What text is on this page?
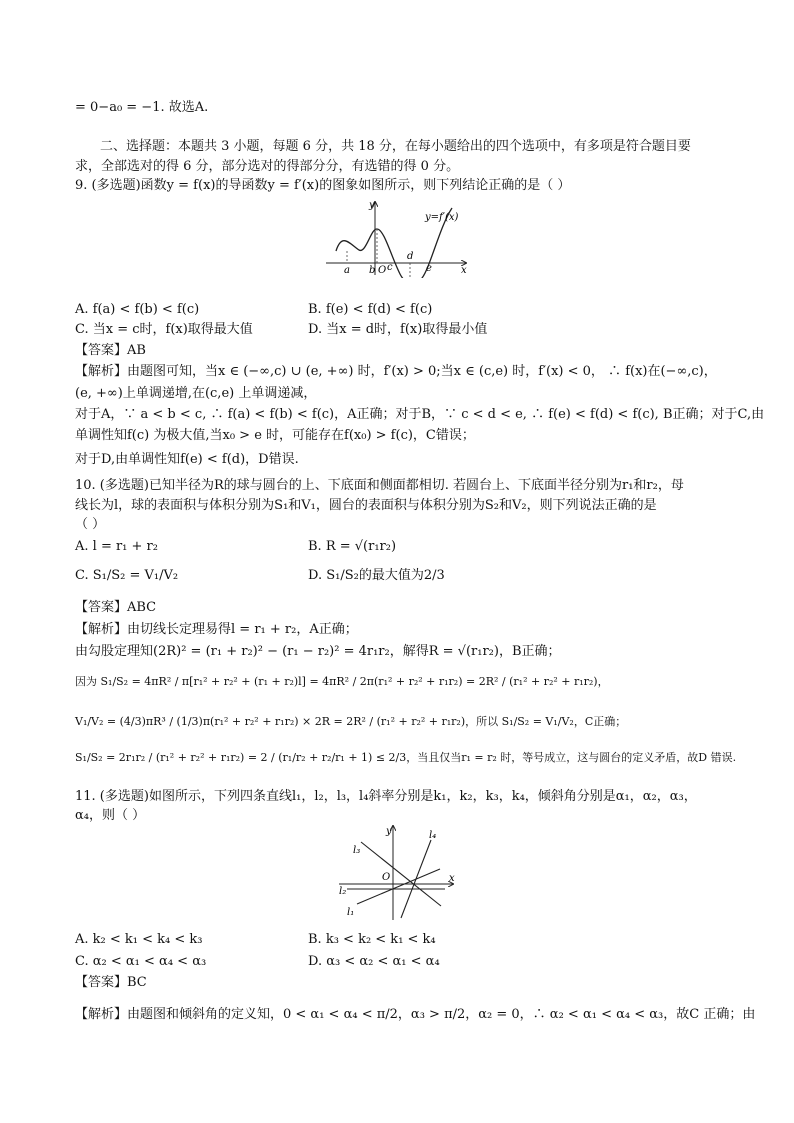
= 0−a₀ = −1. 故选A.
二、选择题：本题共 3 小题，每题 6 分，共 18 分，在每小题给出的四个选项中，有多项是符合题目要
求，全部选对的得 6 分，部分选对的得部分分，有选错的得 0 分。
9. (多选题)函数y = f(x)的导函数y = f′(x)的图象如图所示，则下列结论正确的是（ ）
y=f′(x)
y
x
a b O c
d
e
A. f(a) < f(b) < f(c)	B. f(e) < f(d) < f(c)
C. 当x = c时，f(x)取得最大值	D. 当x = d时，f(x)取得最小值
【答案】AB
【解析】由题图可知，当x ∈ (−∞,c) ∪ (e, +∞) 时，f′(x) > 0;当x ∈ (c,e) 时，f′(x) < 0， ∴ f(x)在(−∞,c)，
(e, +∞)上单调递增,在(c,e) 上单调递减，
对于A，∵ a < b < c, ∴ f(a) < f(b) < f(c)，A正确；对于B，∵ c < d < e, ∴ f(e) < f(d) < f(c), B正确；对于C,由
单调性知f(c) 为极大值,当x₀ > e 时，可能存在f(x₀) > f(c)，C错误；
对于D,由单调性知f(e) < f(d)，D错误.
10. (多选题)已知半径为R的球与圆台的上、下底面和侧面都相切. 若圆台上、下底面半径分别为r₁和r₂，母
线长为l，球的表面积与体积分别为S₁和V₁，圆台的表面积与体积分别为S₂和V₂，则下列说法正确的是
（ ）
A. l = r₁ + r₂	B. R = √(r₁r₂)
C. S₁/S₂ = V₁/V₂	D. S₁/S₂的最大值为2/3
【答案】ABC
【解析】由切线长定理易得l = r₁ + r₂，A正确；
由勾股定理知(2R)² = (r₁ + r₂)² − (r₁ − r₂)² = 4r₁r₂，解得R = √(r₁r₂)，B正确；
因为 S₁/S₂ = 4πR² / π[r₁² + r₂² + (r₁ + r₂)l] = 4πR² / 2π(r₁² + r₂² + r₁r₂) = 2R² / (r₁² + r₂² + r₁r₂)，
V₁/V₂ = (4/3)πR³ / (1/3)π(r₁² + r₂² + r₁r₂) × 2R = 2R² / (r₁² + r₂² + r₁r₂)，所以 S₁/S₂ = V₁/V₂，C正确；
S₁/S₂ = 2r₁r₂ / (r₁² + r₂² + r₁r₂) = 2 / (r₁/r₂ + r₂/r₁ + 1) ≤ 2/3，当且仅当r₁ = r₂ 时，等号成立，这与圆台的定义矛盾，故D 错误.
11. (多选题)如图所示，下列四条直线l₁，l₂，l₃，l₄斜率分别是k₁，k₂，k₃，k₄，倾斜角分别是α₁，α₂，α₃，
α₄，则（ ）
y
x
O
l₁
l₂
l₃
l₄
A. k₂ < k₁ < k₄ < k₃	B. k₃ < k₂ < k₁ < k₄
C. α₂ < α₁ < α₄ < α₃	D. α₃ < α₂ < α₁ < α₄
【答案】BC
【解析】由题图和倾斜角的定义知，0 < α₁ < α₄ < π/2，α₃ > π/2，α₂ = 0，∴ α₂ < α₁ < α₄ < α₃，故C 正确；由
